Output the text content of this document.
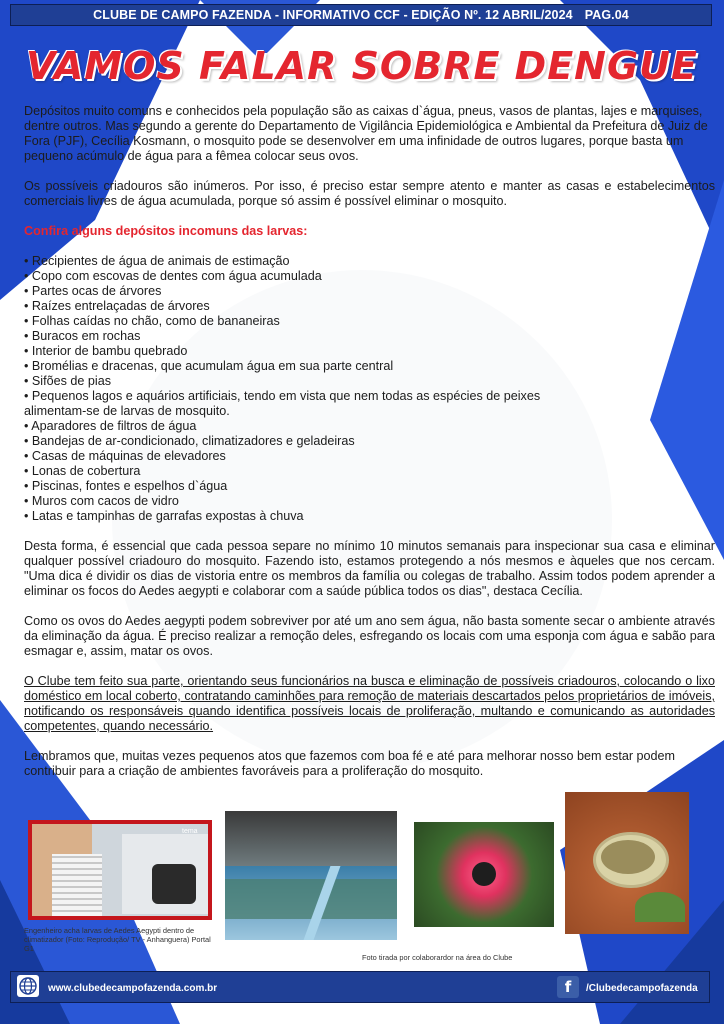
CLUBE DE CAMPO FAZENDA - INFORMATIVO CCF - EDIÇÃO Nº. 12 ABRIL/2024 PAG.04
VAMOS FALAR SOBRE DENGUE

Depósitos muito comuns e conhecidos pela população são as caixas d`água, pneus, vasos de plantas, lajes e marquises, dentre outros. Mas segundo a gerente do Departamento de Vigilância Epidemiológica e Ambiental da Prefeitura de Juiz de Fora (PJF), Cecília Kosmann, o mosquito pode se desenvolver em uma infinidade de outros lugares, porque basta um pequeno acúmulo de água para a fêmea colocar seus ovos.

Os possíveis criadouros são inúmeros. Por isso, é preciso estar sempre atento e manter as casas e estabelecimentos comerciais livres de água acumulada, porque só assim é possível eliminar o mosquito.

Confira alguns depósitos incomuns das larvas:

• Recipientes de água de animais de estimação
• Copo com escovas de dentes com água acumulada
• Partes ocas de árvores
• Raízes entrelaçadas de árvores
• Folhas caídas no chão, como de bananeiras
• Buracos em rochas
• Interior de bambu quebrado
• Bromélias e dracenas, que acumulam água em sua parte central
• Sifões de pias
• Pequenos lagos e aquários artificiais, tendo em vista que nem todas as espécies de peixes alimentam-se de larvas de mosquito.
• Aparadores de filtros de água
• Bandejas de ar-condicionado, climatizadores e geladeiras
• Casas de máquinas de elevadores
• Lonas de cobertura
• Piscinas, fontes e espelhos d`água
• Muros com cacos de vidro
• Latas e tampinhas de garrafas expostas à chuva

Desta forma, é essencial que cada pessoa separe no mínimo 10 minutos semanais para inspecionar sua casa e eliminar qualquer possível criadouro do mosquito. Fazendo isto, estamos protegendo a nós mesmos e àqueles que nos cercam. "Uma dica é dividir os dias de vistoria entre os membros da família ou colegas de trabalho. Assim todos podem aprender a eliminar os focos do Aedes aegypti e colaborar com a saúde pública todos os dias", destaca Cecília.

Como os ovos do Aedes aegypti podem sobreviver por até um ano sem água, não basta somente secar o ambiente através da eliminação da água. É preciso realizar a remoção deles, esfregando os locais com uma esponja com água e sabão para esmagar e, assim, matar os ovos.

O Clube tem feito sua parte, orientando seus funcionários na busca e eliminação de possíveis criadouros, colocando o lixo doméstico em local coberto, contratando caminhões para remoção de materiais descartados pelos proprietários de imóveis, notificando os responsáveis quando identifica possíveis locais de proliferação, multando e comunicando as autoridades competentes, quando necessário.

Lembramos que, muitas vezes pequenos atos que fazemos com boa fé e até para melhorar nosso bem estar podem contribuir para a criação de ambientes favoráveis para a proliferação do mosquito.

tema
Engenheiro acha larvas de Aedes Aegypti dentro de climatizador (Foto: Reprodução/ TV - Anhanguera) Portal G1
Foto tirada por colaborardor na área do Clube
www.clubedecampofazenda.com.br	f	/Clubedecampofazenda
